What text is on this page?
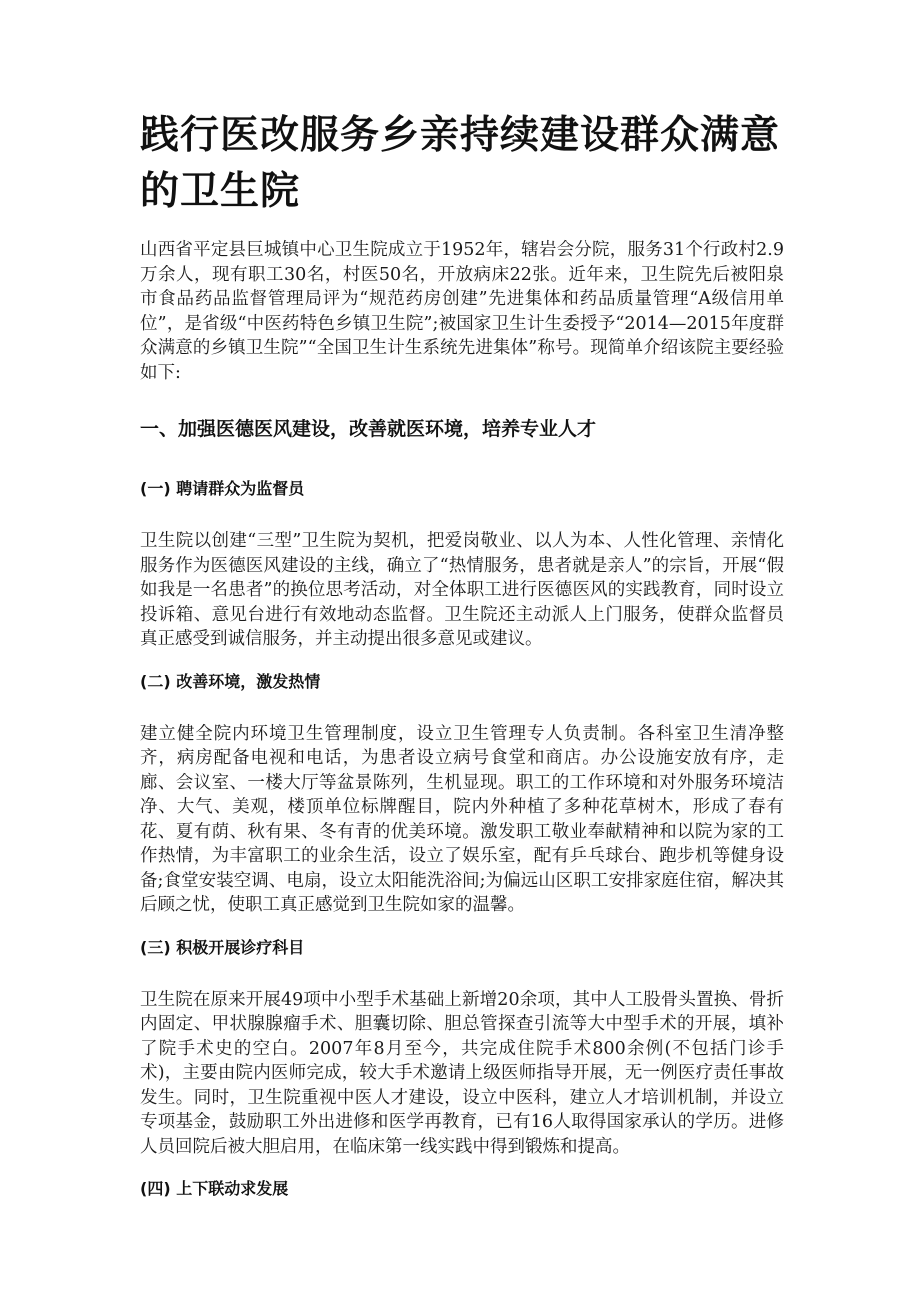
践行医改服务乡亲持续建设群众满意的卫生院

山西省平定县巨城镇中心卫生院成立于1952年，辖岩会分院，服务31个行政村2.9万余人，现有职工30名，村医50名，开放病床22张。近年来，卫生院先后被阳泉市食品药品监督管理局评为“规范药房创建”先进集体和药品质量管理“A级信用单位”，是省级“中医药特色乡镇卫生院”;被国家卫生计生委授予“2014—2015年度群众满意的乡镇卫生院”“全国卫生计生系统先进集体”称号。现简单介绍该院主要经验如下:

一、加强医德医风建设，改善就医环境，培养专业人才
(一) 聘请群众为监督员

卫生院以创建“三型”卫生院为契机，把爱岗敬业、以人为本、人性化管理、亲情化服务作为医德医风建设的主线，确立了“热情服务，患者就是亲人”的宗旨，开展“假如我是一名患者”的换位思考活动，对全体职工进行医德医风的实践教育，同时设立投诉箱、意见台进行有效地动态监督。卫生院还主动派人上门服务，使群众监督员真正感受到诚信服务，并主动提出很多意见或建议。

(二) 改善环境，激发热情

建立健全院内环境卫生管理制度，设立卫生管理专人负责制。各科室卫生清净整齐，病房配备电视和电话，为患者设立病号食堂和商店。办公设施安放有序，走廊、会议室、一楼大厅等盆景陈列，生机显现。职工的工作环境和对外服务环境洁净、大气、美观，楼顶单位标牌醒目，院内外种植了多种花草树木，形成了春有花、夏有荫、秋有果、冬有青的优美环境。激发职工敬业奉献精神和以院为家的工作热情，为丰富职工的业余生活，设立了娱乐室，配有乒乓球台、跑步机等健身设备;食堂安装空调、电扇，设立太阳能洗浴间;为偏远山区职工安排家庭住宿，解决其后顾之忧，使职工真正感觉到卫生院如家的温馨。

(三) 积极开展诊疗科目

卫生院在原来开展49项中小型手术基础上新增20余项，其中人工股骨头置换、骨折内固定、甲状腺腺瘤手术、胆囊切除、胆总管探查引流等大中型手术的开展，填补了院手术史的空白。2007年8月至今，共完成住院手术800余例(不包括门诊手术)，主要由院内医师完成，较大手术邀请上级医师指导开展，无一例医疗责任事故发生。同时，卫生院重视中医人才建设，设立中医科，建立人才培训机制，并设立专项基金，鼓励职工外出进修和医学再教育，已有16人取得国家承认的学历。进修人员回院后被大胆启用，在临床第一线实践中得到锻炼和提高。

(四) 上下联动求发展
